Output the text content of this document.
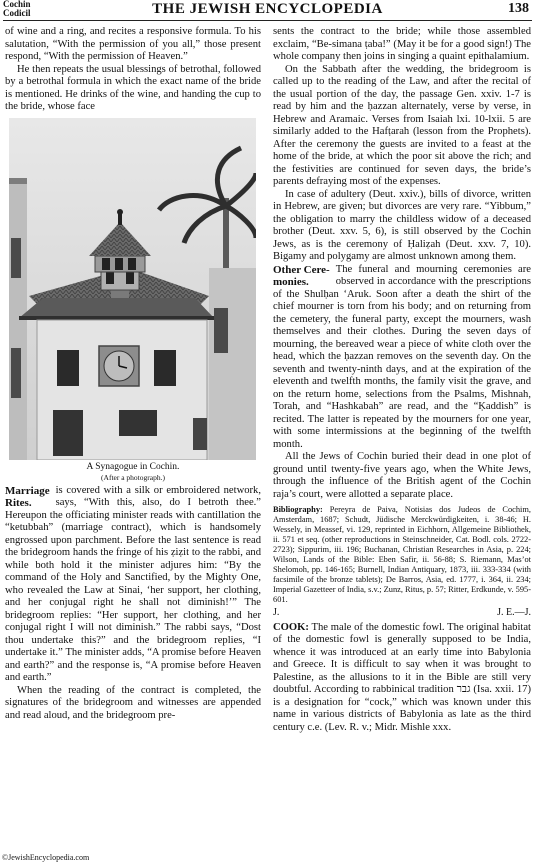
Cochin
Codicil	THE JEWISH ENCYCLOPEDIA	138

of wine and a ring, and recites a responsive formula. To his salutation, “With the permission of you all,” those present respond, “With the permission of Heaven.”

He then repeats the usual blessings of betrothal, followed by a betrothal formula in which the exact name of the bride is mentioned. He drinks of the wine, and handing the cup to the bride, whose face

A Synagogue in Cochin.
(After a photograph.)
Marriage
Rites.

is covered with a silk or embroidered network, says, “With this, also, do I betroth thee.” Hereupon the officiating minister reads with cantillation the “ketubbah” (marriage contract), which is handsomely engrossed upon parchment. Before the last sentence is read the bridegroom hands the fringe of his ẓiẓit to the rabbi, and while both hold it the minister adjures him: “By the command of the Holy and Sanctified, by the Mighty One, who revealed the Law at Sinai, ‘her support, her clothing, and her conjugal right he shall not diminish!’” The bridegroom replies: “Her support, her clothing, and her conjugal right I will not diminish.” The rabbi says, “Dost thou undertake this?” and the bridegroom replies, “I undertake it.” The minister adds, “A promise before Heaven and earth?” and the response is, “A promise before Heaven and earth.”

When the reading of the contract is completed, the signatures of the bridegroom and witnesses are appended and read aloud, and the bridegroom pre-

sents the contract to the bride; while those assembled exclaim, “Be-simana ṭaba!” (May it be for a good sign!) The whole company then joins in singing a quaint epithalamium.

On the Sabbath after the wedding, the bridegroom is called up to the reading of the Law, and after the recital of the usual portion of the day, the passage Gen. xxiv. 1-7 is read by him and the ḥazzan alternately, verse by verse, in Hebrew and Aramaic. Verses from Isaiah lxi. 10-lxii. 5 are similarly added to the Hafṭarah (lesson from the Prophets). After the ceremony the guests are invited to a feast at the home of the bride, at which the poor sit above the rich; and the festivities are continued for seven days, the bride’s parents defraying most of the expenses.

In case of adultery (Deut. xxiv.), bills of divorce, written in Hebrew, are given; but divorces are very rare. “Yibbum,” the obligation to marry the childless widow of a deceased brother (Deut. xxv. 5, 6), is still observed by the Cochin Jews, as is the ceremony of Ḥaliẓah (Deut. xxv. 7, 10). Bigamy and polygamy are almost unknown among them.

Other Cere-
monies.

The funeral and mourning ceremonies are observed in accordance with the prescriptions of the Shulḥan ‘Aruk. Soon after a death the shirt of the chief mourner is torn from his body; and on returning from the cemetery, the funeral party, except the mourners, wash themselves and their clothes. During the seven days of mourning, the bereaved wear a piece of white cloth over the head, which the ḥazzan removes on the seventh day. On the seventh and twenty-ninth days, and at the expiration of the eleventh and twelfth months, the family visit the grave, and on the return home, selections from the Psalms, Mishnah, Torah, and “Hashkabah” are read, and the “Ḳaddish” is recited. The latter is repeated by the mourners for one year, with some intermissions at the beginning of the twelfth month.

All the Jews of Cochin buried their dead in one plot of ground until twenty-five years ago, when the White Jews, through the influence of the British agent of the Cochin raja’s court, were allotted a separate place.

Bibliography: Pereyra de Paiva, Notisias dos Judeos de Cochim, Amsterdam, 1687; Schudt, Jüdische Merckwürdigkeiten, i. 38-46; H. Wessely, in Meassef, vi. 129, reprinted in Eichhorn, Allgemeine Bibliothek, ii. 571 et seq. (other reproductions in Steinschneider, Cat. Bodl. cols. 2722-2723); Sippurim, iii. 196; Buchanan, Christian Researches in Asia, p. 224; Wilson, Lands of the Bible: Eben Safir, ii. 56-88; S. Riemann, Mas’ot Shelomoh, pp. 146-165; Burnell, Indian Antiquary, 1873, iii. 333-334 (with facsimile of the bronze tablets); De Barros, Asia, ed. 1777, i. 364, ii. 234; Imperial Gazetteer of India, s.v.; Zunz, Ritus, p. 57; Ritter, Erdkunde, v. 595-601.
J.	J. E.—J.

COOK: The male of the domestic fowl. The original habitat of the domestic fowl is generally supposed to be India, whence it was introduced at an early time into Babylonia and Greece. It is difficult to say when it was brought to Palestine, as the allusions to it in the Bible are still very doubtful. According to rabbinical tradition גבר (Isa. xxii. 17) is a designation for “cock,” which was known under this name in various districts of Babylonia as late as the third century c.e. (Lev. R. v.; Midr. Mishle xxx.

©JewishEncyclopedia.com
